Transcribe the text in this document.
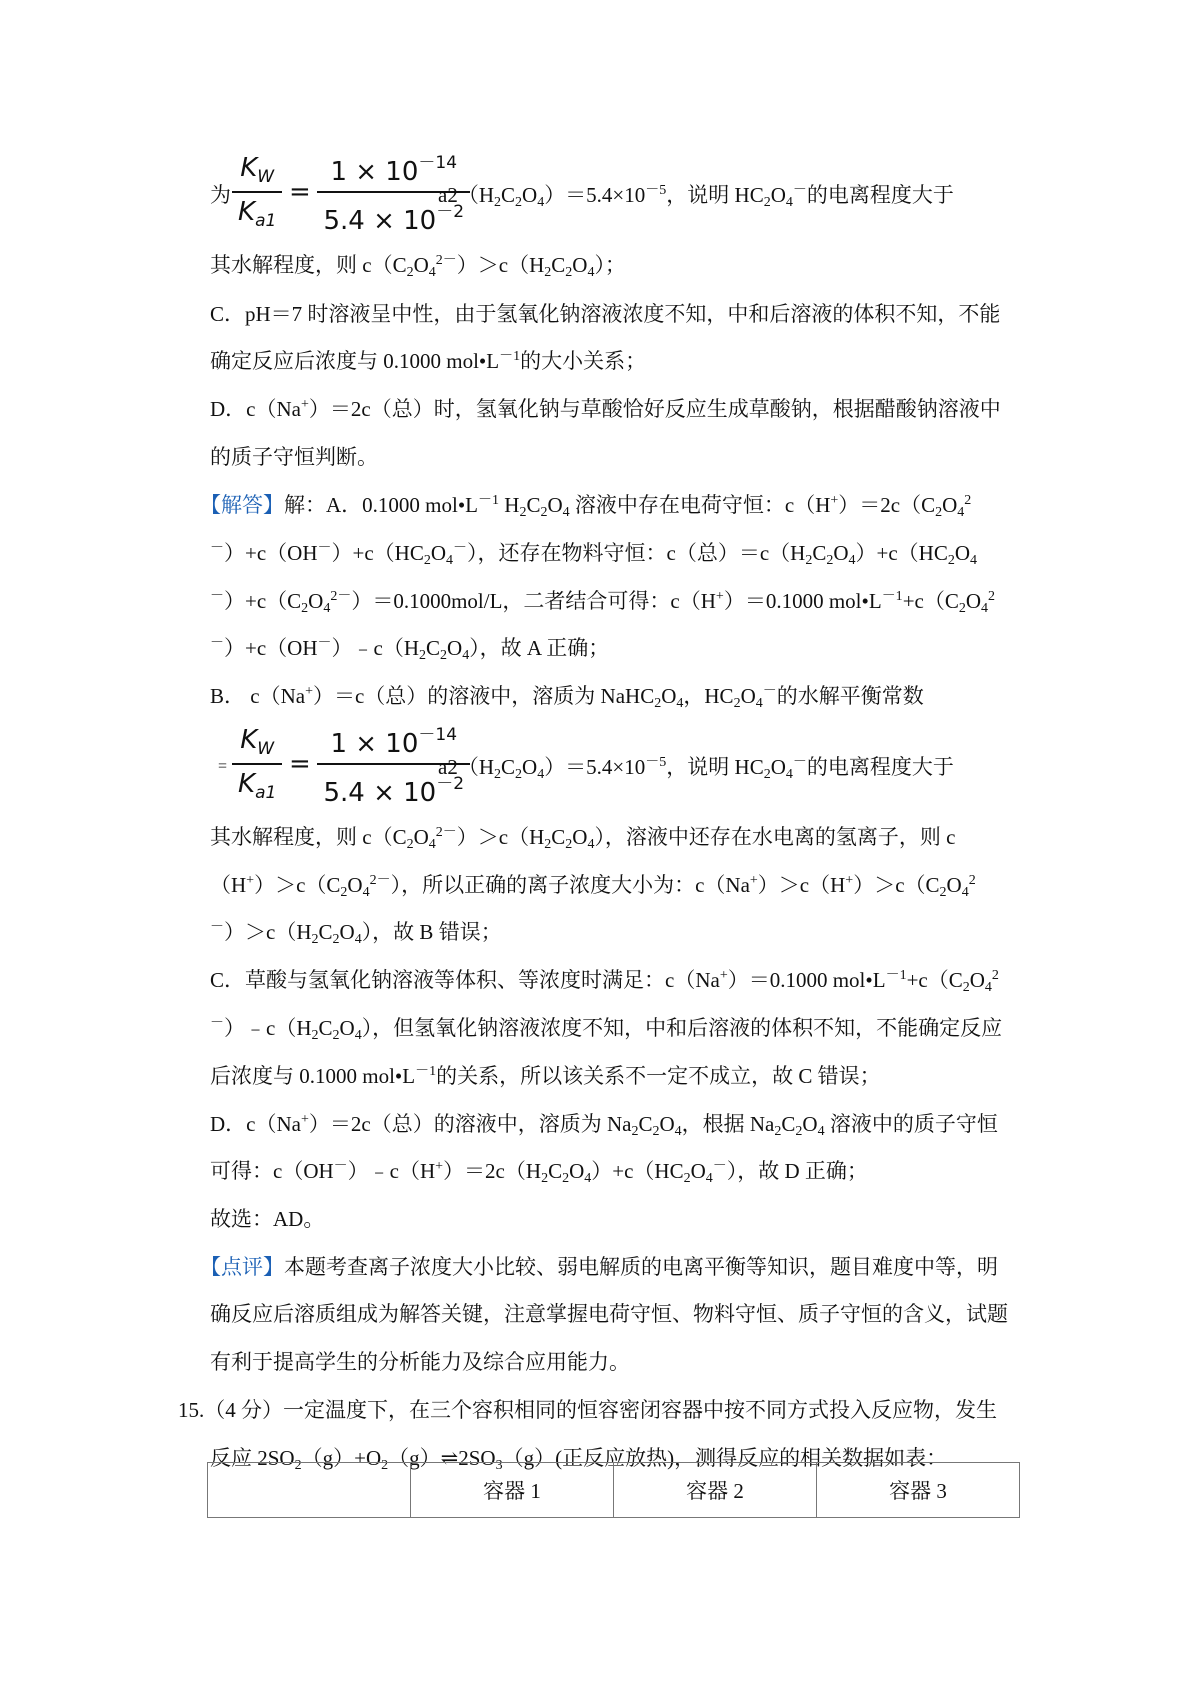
为 $\frac{K_W}{K_{a1}} = \frac{1 \times 10^{-14}}{5.4 \times 10^{-2}}$
$a2(H_2C_2O_4)=5.4\times 10^{-5}$，说明 $HC_2O_4^-$的电离程度大于
其水解程度，则 $c(C_2O_4^{2-})>c(H_2C_2O_4)$；
C．pH＝7 时溶液呈中性，由于氢氧化钠溶液浓度不知，中和后溶液的体积不知，不能
确定反应后浓度与 0.1000 $mol•L^{-1}$的大小关系；
D．c（Na+）＝2c（总）时，氢氧化钠与草酸恰好反应生成草酸钠，根据醋酸钠溶液中
的质子守恒判断。
【解答】解：A．0.1000 $mol•L^{-1}$ $H_2C_2O_4$ 溶液中存在电荷守恒：$c(H^+)=2c(C_2O_4^2$
$^-)+c(OH^-)+c(HC_2O_4^-)$，还存在物料守恒：c（总）$=c(H_2C_2O_4)+c(HC_2O_4$
$^-)+c(C_2O_4^{2-})=0.1000mol/L$，二者结合可得：c（H+）＝0.1000 $mol•L^{-1}+c(C_2O_4^2$
$^-)+c(OH^-)﹣c(H_2C_2O_4)$，故 A 正确；
B． c（Na+）＝c（总）的溶液中，溶质为 $NaHC_2O_4$，$HC_2O_4^-$的水解平衡常数
= $\frac{K_W}{K_{a1}} = \frac{1 \times 10^{-14}}{5.4 \times 10^{-2}}$
$a2(H_2C_2O_4)=5.4\times 10^{-5}$，说明 $HC_2O_4^-$的电离程度大于
其水解程度，则 $c(C_2O_4^{2-})>c(H_2C_2O_4)$，溶液中还存在水电离的氢离子，则 c
$(H^+)>c(C_2O_4^{2-})$，所以正确的离子浓度大小为：$c(Na^+)>c(H^+)>c(C_2O_4^2$
$^-)>c(H_2C_2O_4)$，故 B 错误；
C．草酸与氢氧化钠溶液等体积、等浓度时满足：c（Na+）＝0.1000 $mol•L^{-1}+c(C_2O_4^2$
$^-)﹣c(H_2C_2O_4)$，但氢氧化钠溶液浓度不知，中和后溶液的体积不知，不能确定反应
后浓度与 0.1000 $mol•L^{-1}$的关系，所以该关系不一定不成立，故 C 错误；
D．c（Na+）＝2c（总）的溶液中，溶质为 $Na_2C_2O_4$，根据 $Na_2C_2O_4$ 溶液中的质子守恒
可得：$c(OH^-)﹣c(H^+)=2c(H_2C_2O_4)+c(HC_2O_4^-)$，故 D 正确；
故选：AD。
【点评】本题考查离子浓度大小比较、弱电解质的电离平衡等知识，题目难度中等，明
确反应后溶质组成为解答关键，注意掌握电荷守恒、物料守恒、质子守恒的含义，试题
有利于提高学生的分析能力及综合应用能力。
15.（4 分）一定温度下，在三个容积相同的恒容密闭容器中按不同方式投入反应物，发生
反应 $2SO_2(g)+O_2(g)\rightleftharpoons 2SO_3(g)$(正反应放热)，测得反应的相关数据如表：
	容器 1	容器 2	容器 3
